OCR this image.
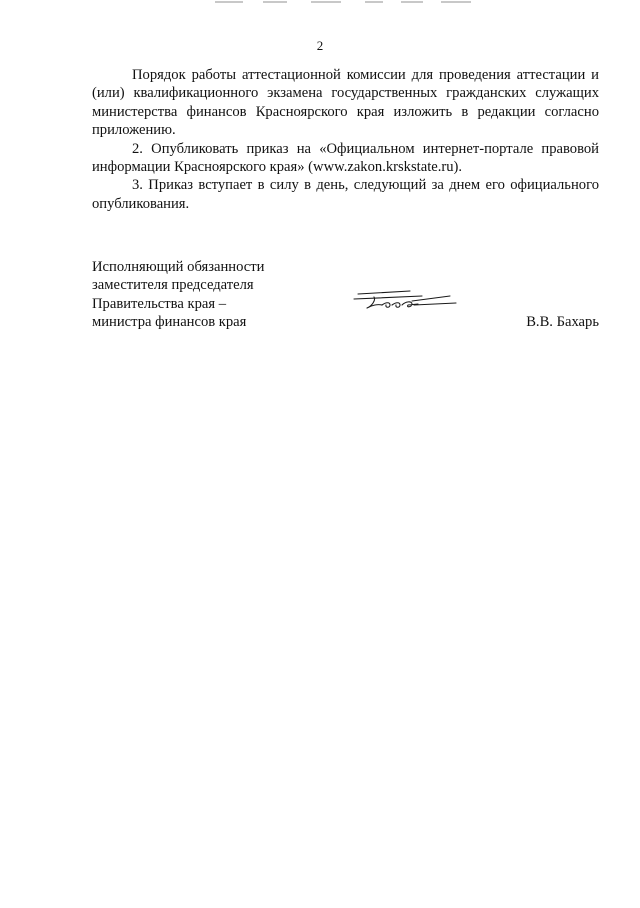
2

Порядок работы аттестационной комиссии для проведения аттестации и (или) квалификационного экзамена государственных гражданских служащих министерства финансов Красноярского края изложить в редакции согласно приложению.

2. Опубликовать приказ на «Официальном интернет-портале правовой информации Красноярского края» (www.zakon.krskstate.ru).

3. Приказ вступает в силу в день, следующий за днем его официального опубликования.

Исполняющий обязанности
заместителя председателя
Правительства края –
министра финансов края	В.В. Бахарь
